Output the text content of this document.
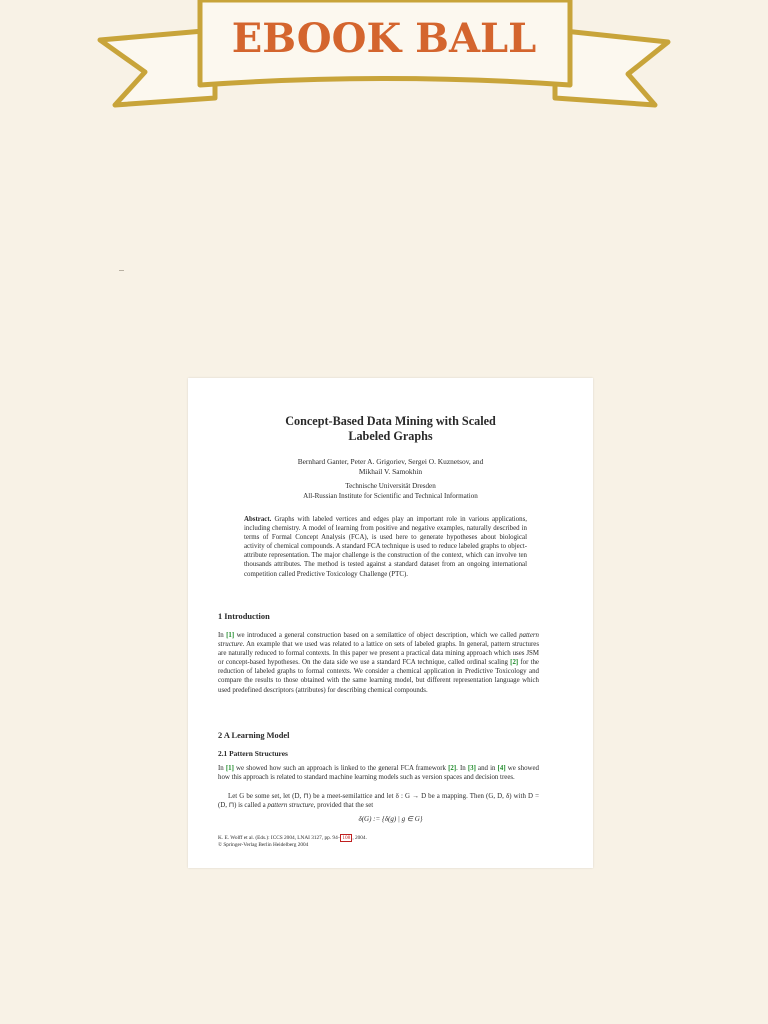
EBOOK BALL
Concept-Based Data Mining with Scaled
Labeled Graphs
Bernhard Ganter, Peter A. Grigoriev, Sergei O. Kuznetsov, and
Mikhail V. Samokhin
Technische Universität Dresden
All-Russian Institute for Scientific and Technical Information
Abstract. Graphs with labeled vertices and edges play an important role in various applications, including chemistry. A model of learning from positive and negative examples, naturally described in terms of Formal Concept Analysis (FCA), is used here to generate hypotheses about biological activity of chemical compounds. A standard FCA technique is used to reduce labeled graphs to object-attribute representation. The major challenge is the construction of the context, which can involve ten thousands attributes. The method is tested against a standard dataset from an ongoing international competition called Predictive Toxicology Challenge (PTC).
1 Introduction
In [1] we introduced a general construction based on a semilattice of object description, which we called pattern structure. An example that we used was related to a lattice on sets of labeled graphs. In general, pattern structures are naturally reduced to formal contexts. In this paper we present a practical data mining approach which uses JSM or concept-based hypotheses. On the data side we use a standard FCA technique, called ordinal scaling [2] for the reduction of labeled graphs to formal contexts. We consider a chemical application in Predictive Toxicology and compare the results to those obtained with the same learning model, but different representation language which used predefined descriptors (attributes) for describing chemical compounds.
2 A Learning Model
2.1 Pattern Structures
In [1] we showed how such an approach is linked to the general FCA framework [2]. In [3] and in [4] we showed how this approach is related to standard machine learning models such as version spaces and decision trees.
Let G be some set, let (D, ⊓) be a meet-semilattice and let δ : G → D be a mapping. Then (G, D, δ) with D = (D, ⊓) is called a pattern structure, provided that the set
δ(G) := {δ(g) | g ∈ G}
K. E. Wolff et al. (Eds.): ICCS 2004, LNAI 3127, pp. 94– 108 , 2004.
© Springer-Verlag Berlin Heidelberg 2004
